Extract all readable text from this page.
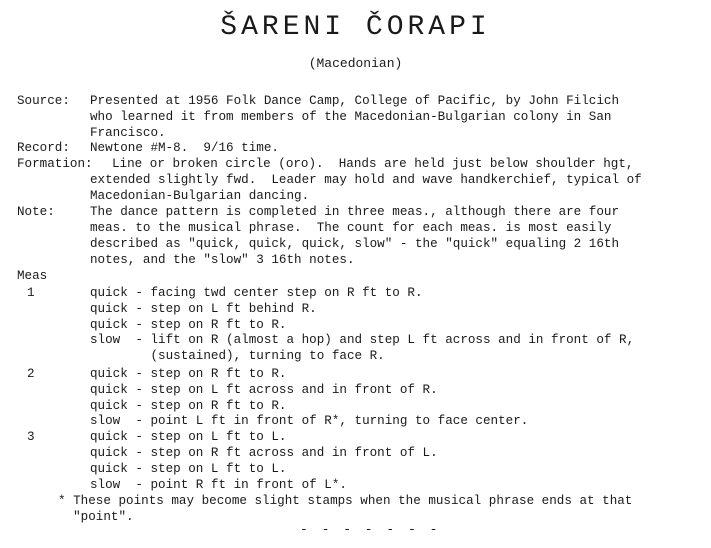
ŠARENI ČORAPI
(Macedonian)
Source: Presented at 1956 Folk Dance Camp, College of Pacific, by John Filcich
who learned it from members of the Macedonian-Bulgarian colony in San
Francisco.
Record: Newtone #M-8.  9/16 time.
Formation: Line or broken circle (oro).  Hands are held just below shoulder hgt,
extended slightly fwd.  Leader may hold and wave handkerchief, typical of
Macedonian-Bulgarian dancing.
Note:	The dance pattern is completed in three meas., although there are four
meas. to the musical phrase.  The count for each meas. is most easily
described as "quick, quick, quick, slow" - the "quick" equaling 2 16th
notes, and the "slow" 3 16th notes.
Meas
1	quick - facing twd center step on R ft to R.
quick - step on L ft behind R.
quick - step on R ft to R.
slow  - lift on R (almost a hop) and step L ft across and in front of R,
(sustained), turning to face R.
2	quick - step on R ft to R.
quick - step on L ft across and in front of R.
quick - step on R ft to R.
slow  - point L ft in front of R*, turning to face center.
3	quick - step on L ft to L.
quick - step on R ft across and in front of L.
quick - step on L ft to L.
slow  - point R ft in front of L*.
* These points may become slight stamps when the musical phrase ends at that
"point".
- - - - - - -
